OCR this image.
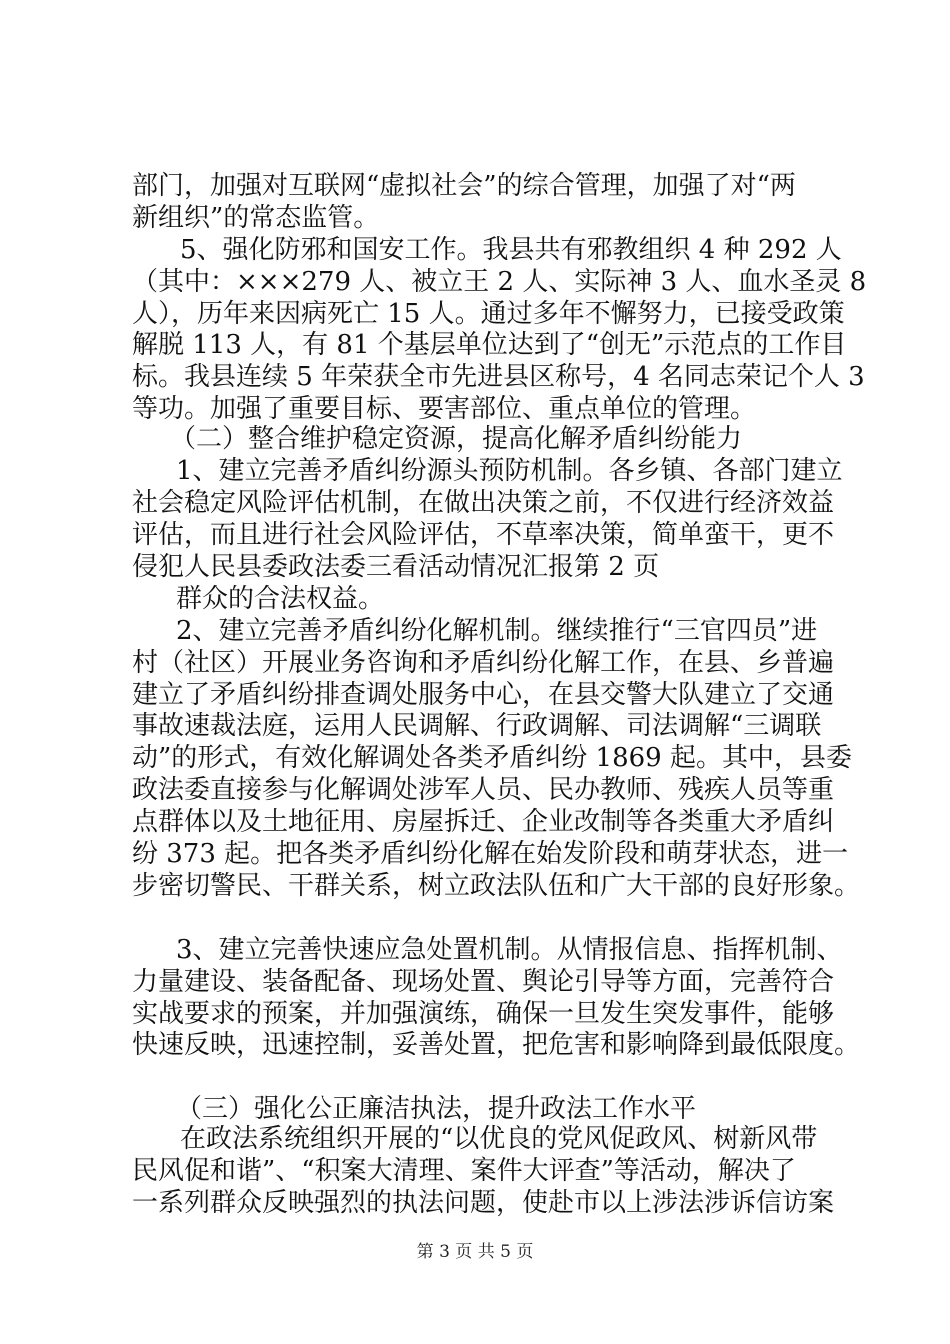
部门，加强对互联网“虚拟社会”的综合管理，加强了对“两
新组织”的常态监管。
5、强化防邪和国安工作。我县共有邪教组织 4 种 292 人
（其中：×××279 人、被立王 2 人、实际神 3 人、血水圣灵 8
人），历年来因病死亡 15 人。通过多年不懈努力，已接受政策
解脱 113 人，有 81 个基层单位达到了“创无”示范点的工作目
标。我县连续 5 年荣获全市先进县区称号，4 名同志荣记个人 3
等功。加强了重要目标、要害部位、重点单位的管理。
（二）整合维护稳定资源，提高化解矛盾纠纷能力
1、建立完善矛盾纠纷源头预防机制。各乡镇、各部门建立
社会稳定风险评估机制，在做出决策之前，不仅进行经济效益
评估，而且进行社会风险评估，不草率决策，简单蛮干，更不
侵犯人民县委政法委三看活动情况汇报第 2 页
群众的合法权益。
2、建立完善矛盾纠纷化解机制。继续推行“三官四员”进
村（社区）开展业务咨询和矛盾纠纷化解工作，在县、乡普遍
建立了矛盾纠纷排查调处服务中心，在县交警大队建立了交通
事故速裁法庭，运用人民调解、行政调解、司法调解“三调联
动”的形式，有效化解调处各类矛盾纠纷 1869 起。其中，县委
政法委直接参与化解调处涉军人员、民办教师、残疾人员等重
点群体以及土地征用、房屋拆迁、企业改制等各类重大矛盾纠
纷 373 起。把各类矛盾纠纷化解在始发阶段和萌芽状态，进一
步密切警民、干群关系，树立政法队伍和广大干部的良好形象。
3、建立完善快速应急处置机制。从情报信息、指挥机制、
力量建设、装备配备、现场处置、舆论引导等方面，完善符合
实战要求的预案，并加强演练，确保一旦发生突发事件，能够
快速反映，迅速控制，妥善处置，把危害和影响降到最低限度。
（三）强化公正廉洁执法，提升政法工作水平
在政法系统组织开展的“以优良的党风促政风、树新风带
民风促和谐”、“积案大清理、案件大评查”等活动，解决了
一系列群众反映强烈的执法问题，使赴市以上涉法涉诉信访案
第 3 页 共 5 页
